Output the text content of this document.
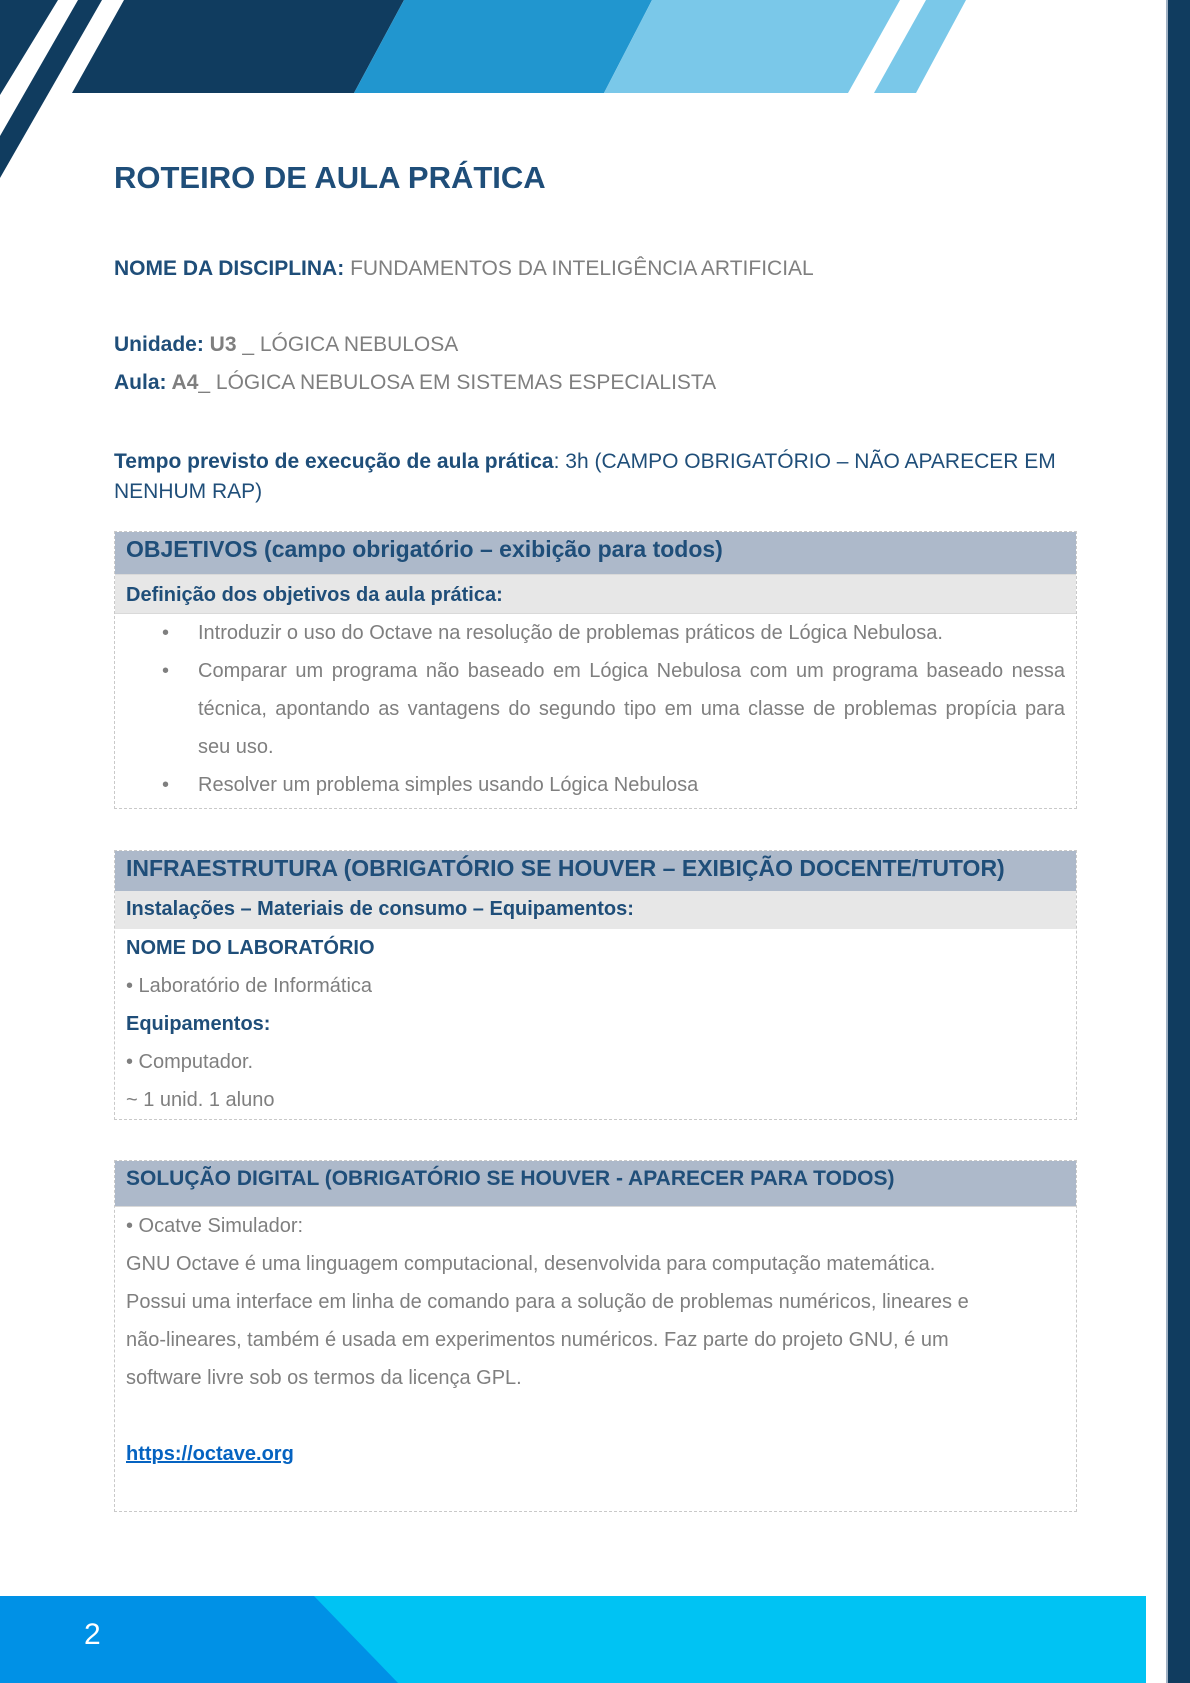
ROTEIRO DE AULA PRÁTICA
NOME DA DISCIPLINA: FUNDAMENTOS DA INTELIGÊNCIA ARTIFICIAL
Unidade: U3 _ LÓGICA NEBULOSA
Aula: A4_ LÓGICA NEBULOSA EM SISTEMAS ESPECIALISTA
Tempo previsto de execução de aula prática: 3h (CAMPO OBRIGATÓRIO – NÃO APARECER EM NENHUM RAP)
OBJETIVOS (campo obrigatório – exibição para todos)
Definição dos objetivos da aula prática:
• Introduzir o uso do Octave na resolução de problemas práticos de Lógica Nebulosa.
• Comparar um programa não baseado em Lógica Nebulosa com um programa baseado nessa técnica, apontando as vantagens do segundo tipo em uma classe de problemas propícia para seu uso.
• Resolver um problema simples usando Lógica Nebulosa
INFRAESTRUTURA (OBRIGATÓRIO SE HOUVER – EXIBIÇÃO DOCENTE/TUTOR)
Instalações – Materiais de consumo – Equipamentos:
NOME DO LABORATÓRIO
• Laboratório de Informática
Equipamentos:
• Computador.
~ 1 unid. 1 aluno
SOLUÇÃO DIGITAL (OBRIGATÓRIO SE HOUVER - APARECER PARA TODOS)
• Ocatve Simulador:
GNU Octave é uma linguagem computacional, desenvolvida para computação matemática.
Possui uma interface em linha de comando para a solução de problemas numéricos, lineares e
não-lineares, também é usada em experimentos numéricos. Faz parte do projeto GNU, é um
software livre sob os termos da licença GPL.
https://octave.org
2
